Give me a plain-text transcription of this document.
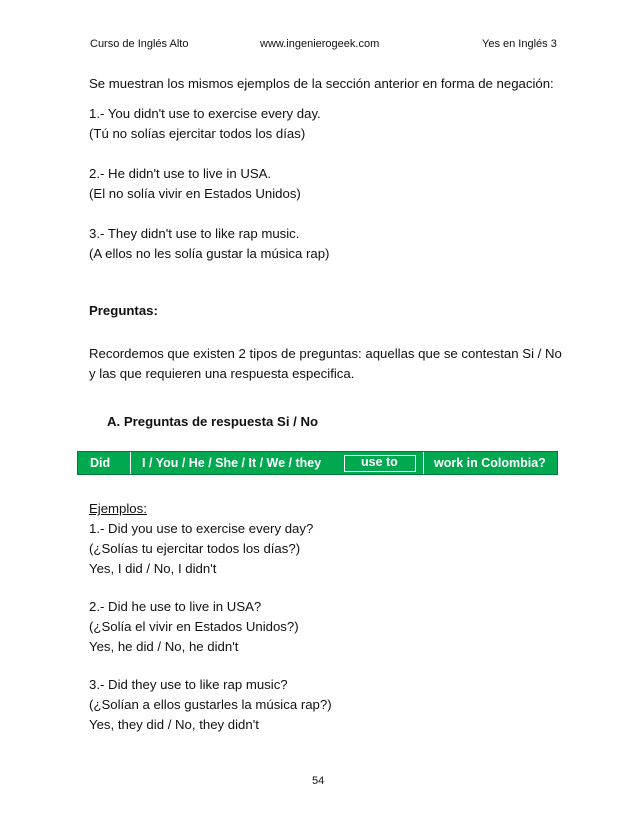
Curso de Inglés Alto	www.ingenierogeek.com	Yes en Inglés 3
Se muestran los mismos ejemplos de la sección anterior en forma de negación:
1.- You didn't use to exercise every day.
(Tú no solías ejercitar todos los días)
2.- He didn't use to live in USA.
(El no solía vivir en Estados Unidos)
3.- They didn't use to like rap music.
(A ellos no les solía gustar la música rap)
Preguntas:
Recordemos que existen 2 tipos de preguntas: aquellas que se contestan Si / No
y las que requieren una respuesta especifica.
A. Preguntas de respuesta Si / No
Did	I / You / He / She / It / We / they	use to	work in Colombia?
Ejemplos:
1.- Did you use to exercise every day?
(¿Solías tu ejercitar todos los días?)
Yes, I did / No, I didn't
2.- Did he use to live in USA?
(¿Solía el vivir en Estados Unidos?)
Yes, he did / No, he didn't
3.- Did they use to like rap music?
(¿Solían a ellos gustarles la música rap?)
Yes, they did / No, they didn't
54
